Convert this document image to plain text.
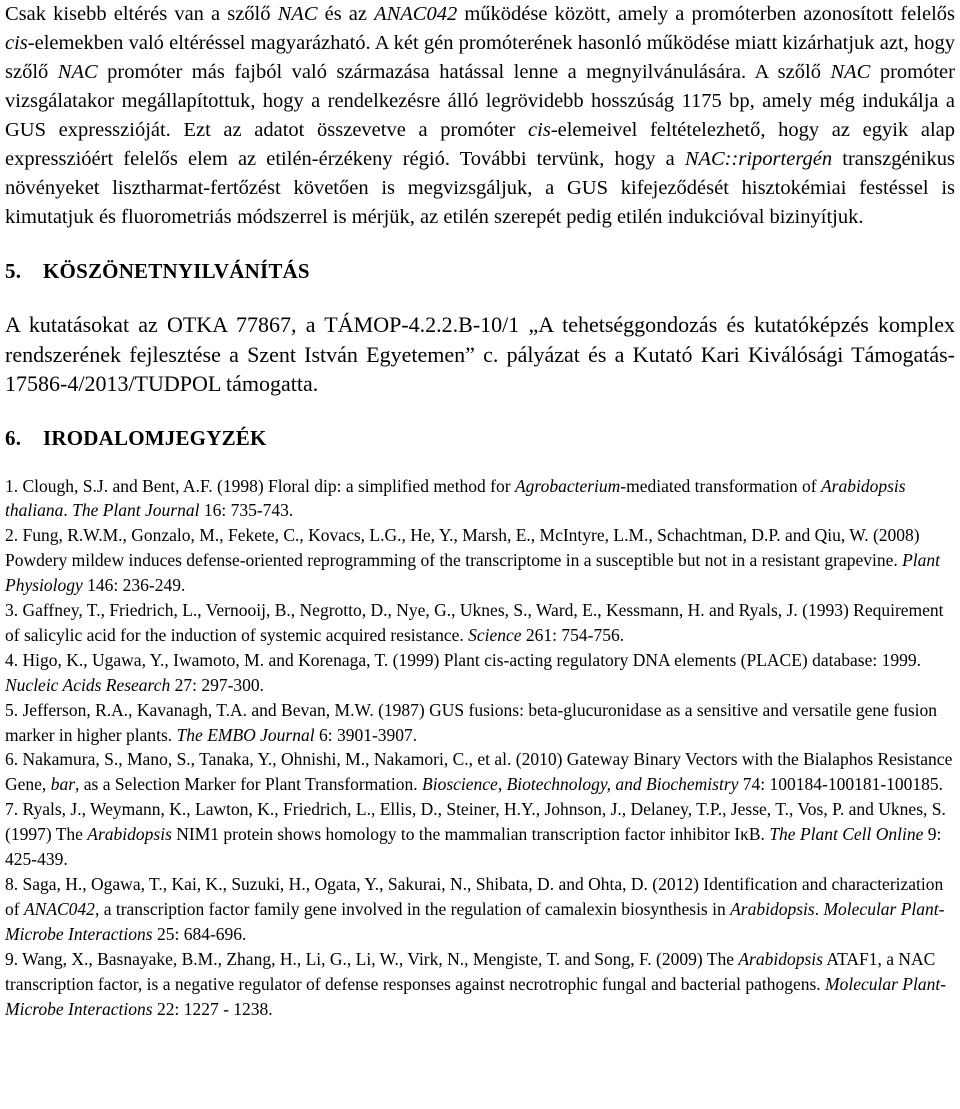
Csak kisebb eltérés van a szőlő NAC és az ANAC042 működése között, amely a promóterben azonosított felelős cis-elemekben való eltéréssel magyarázható. A két gén promóterének hasonló működése miatt kizárhatjuk azt, hogy szőlő NAC promóter más fajból való származása hatással lenne a megnyilvánulására. A szőlő NAC promóter vizsgálatakor megállapítottuk, hogy a rendelkezésre álló legrövidebb hosszúság 1175 bp, amely még indukálja a GUS expresszióját. Ezt az adatot összevetve a promóter cis-elemeivel feltételezhető, hogy az egyik alap expresszióért felelős elem az etilén-érzékeny régió. További tervünk, hogy a NAC::riportergén transzgénikus növényeket lisztharmat-fertőzést követően is megvizsgáljuk, a GUS kifejeződését hisztokémiai festéssel is kimutatjuk és fluorometriás módszerrel is mérjük, az etilén szerepét pedig etilén indukcióval bizinyítjuk.

5. KÖSZÖNETNYILVÁNÍTÁS

A kutatásokat az OTKA 77867, a TÁMOP-4.2.2.B-10/1 „A tehetséggondozás és kutatóképzés komplex rendszerének fejlesztése a Szent István Egyetemen” c. pályázat és a Kutató Kari Kiválósági Támogatás-17586-4/2013/TUDPOL támogatta.

6. IRODALOMJEGYZÉK

1. Clough, S.J. and Bent, A.F. (1998) Floral dip: a simplified method for Agrobacterium-mediated transformation of Arabidopsis thaliana. The Plant Journal 16: 735-743.

2. Fung, R.W.M., Gonzalo, M., Fekete, C., Kovacs, L.G., He, Y., Marsh, E., McIntyre, L.M., Schachtman, D.P. and Qiu, W. (2008) Powdery mildew induces defense-oriented reprogramming of the transcriptome in a susceptible but not in a resistant grapevine. Plant Physiology 146: 236-249.

3. Gaffney, T., Friedrich, L., Vernooij, B., Negrotto, D., Nye, G., Uknes, S., Ward, E., Kessmann, H. and Ryals, J. (1993) Requirement of salicylic acid for the induction of systemic acquired resistance. Science 261: 754-756.

4. Higo, K., Ugawa, Y., Iwamoto, M. and Korenaga, T. (1999) Plant cis-acting regulatory DNA elements (PLACE) database: 1999. Nucleic Acids Research 27: 297-300.

5. Jefferson, R.A., Kavanagh, T.A. and Bevan, M.W. (1987) GUS fusions: beta-glucuronidase as a sensitive and versatile gene fusion marker in higher plants. The EMBO Journal 6: 3901-3907.

6. Nakamura, S., Mano, S., Tanaka, Y., Ohnishi, M., Nakamori, C., et al. (2010) Gateway Binary Vectors with the Bialaphos Resistance Gene, bar, as a Selection Marker for Plant Transformation. Bioscience, Biotechnology, and Biochemistry 74: 100184-100181-100185.

7. Ryals, J., Weymann, K., Lawton, K., Friedrich, L., Ellis, D., Steiner, H.Y., Johnson, J., Delaney, T.P., Jesse, T., Vos, P. and Uknes, S. (1997) The Arabidopsis NIM1 protein shows homology to the mammalian transcription factor inhibitor IκB. The Plant Cell Online 9: 425-439.

8. Saga, H., Ogawa, T., Kai, K., Suzuki, H., Ogata, Y., Sakurai, N., Shibata, D. and Ohta, D. (2012) Identification and characterization of ANAC042, a transcription factor family gene involved in the regulation of camalexin biosynthesis in Arabidopsis. Molecular Plant-Microbe Interactions 25: 684-696.

9. Wang, X., Basnayake, B.M., Zhang, H., Li, G., Li, W., Virk, N., Mengiste, T. and Song, F. (2009) The Arabidopsis ATAF1, a NAC transcription factor, is a negative regulator of defense responses against necrotrophic fungal and bacterial pathogens. Molecular Plant-Microbe Interactions 22: 1227 - 1238.
